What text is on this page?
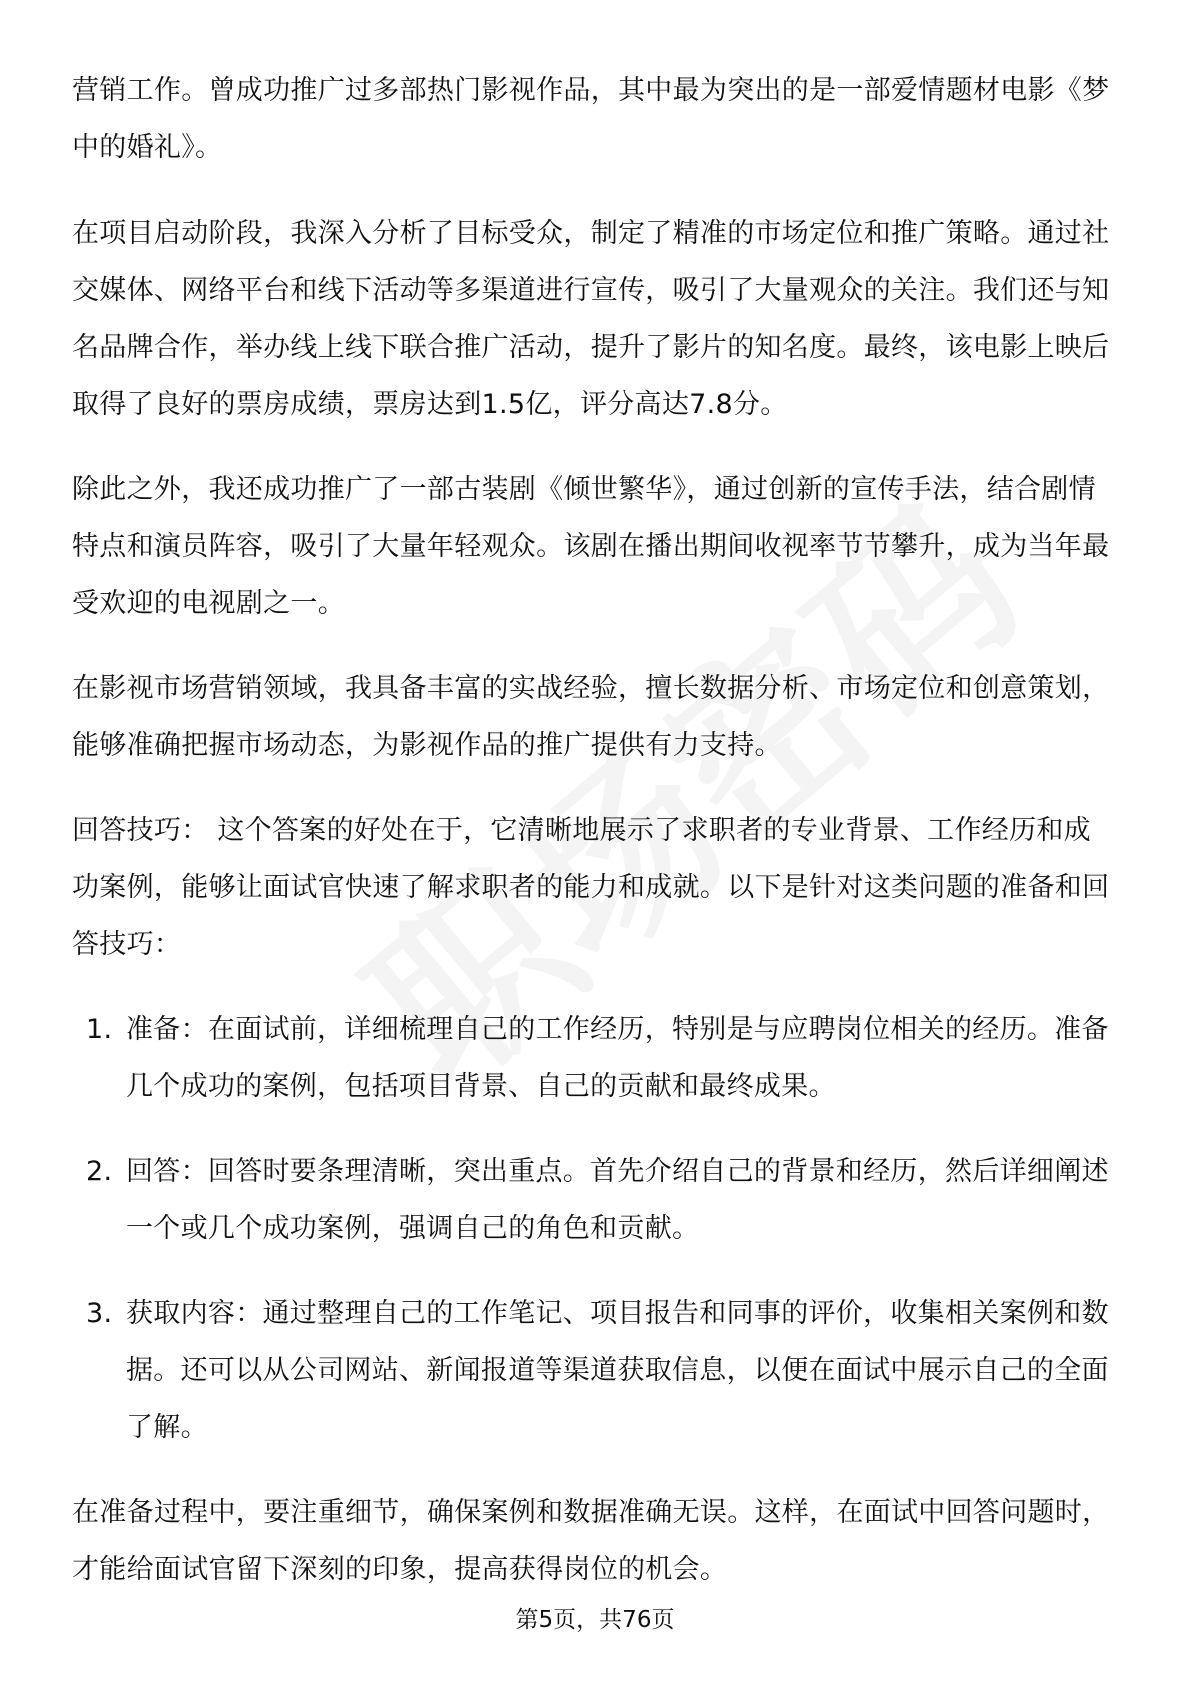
营销工作。曾成功推广过多部热门影视作品，其中最为突出的是一部爱情题材电影《梦中的婚礼》。

在项目启动阶段，我深入分析了目标受众，制定了精准的市场定位和推广策略。通过社交媒体、网络平台和线下活动等多渠道进行宣传，吸引了大量观众的关注。我们还与知名品牌合作，举办线上线下联合推广活动，提升了影片的知名度。最终，该电影上映后取得了良好的票房成绩，票房达到1.5亿，评分高达7.8分。

除此之外，我还成功推广了一部古装剧《倾世繁华》，通过创新的宣传手法，结合剧情特点和演员阵容，吸引了大量年轻观众。该剧在播出期间收视率节节攀升，成为当年最受欢迎的电视剧之一。

在影视市场营销领域，我具备丰富的实战经验，擅长数据分析、市场定位和创意策划，能够准确把握市场动态，为影视作品的推广提供有力支持。

回答技巧： 这个答案的好处在于，它清晰地展示了求职者的专业背景、工作经历和成功案例，能够让面试官快速了解求职者的能力和成就。以下是针对这类问题的准备和回答技巧：

1. 准备：在面试前，详细梳理自己的工作经历，特别是与应聘岗位相关的经历。准备几个成功的案例，包括项目背景、自己的贡献和最终成果。
2. 回答：回答时要条理清晰，突出重点。首先介绍自己的背景和经历，然后详细阐述一个或几个成功案例，强调自己的角色和贡献。
3. 获取内容：通过整理自己的工作笔记、项目报告和同事的评价，收集相关案例和数据。还可以从公司网站、新闻报道等渠道获取信息，以便在面试中展示自己的全面了解。

在准备过程中，要注重细节，确保案例和数据准确无误。这样，在面试中回答问题时，才能给面试官留下深刻的印象，提高获得岗位的机会。

第5页，共76页
